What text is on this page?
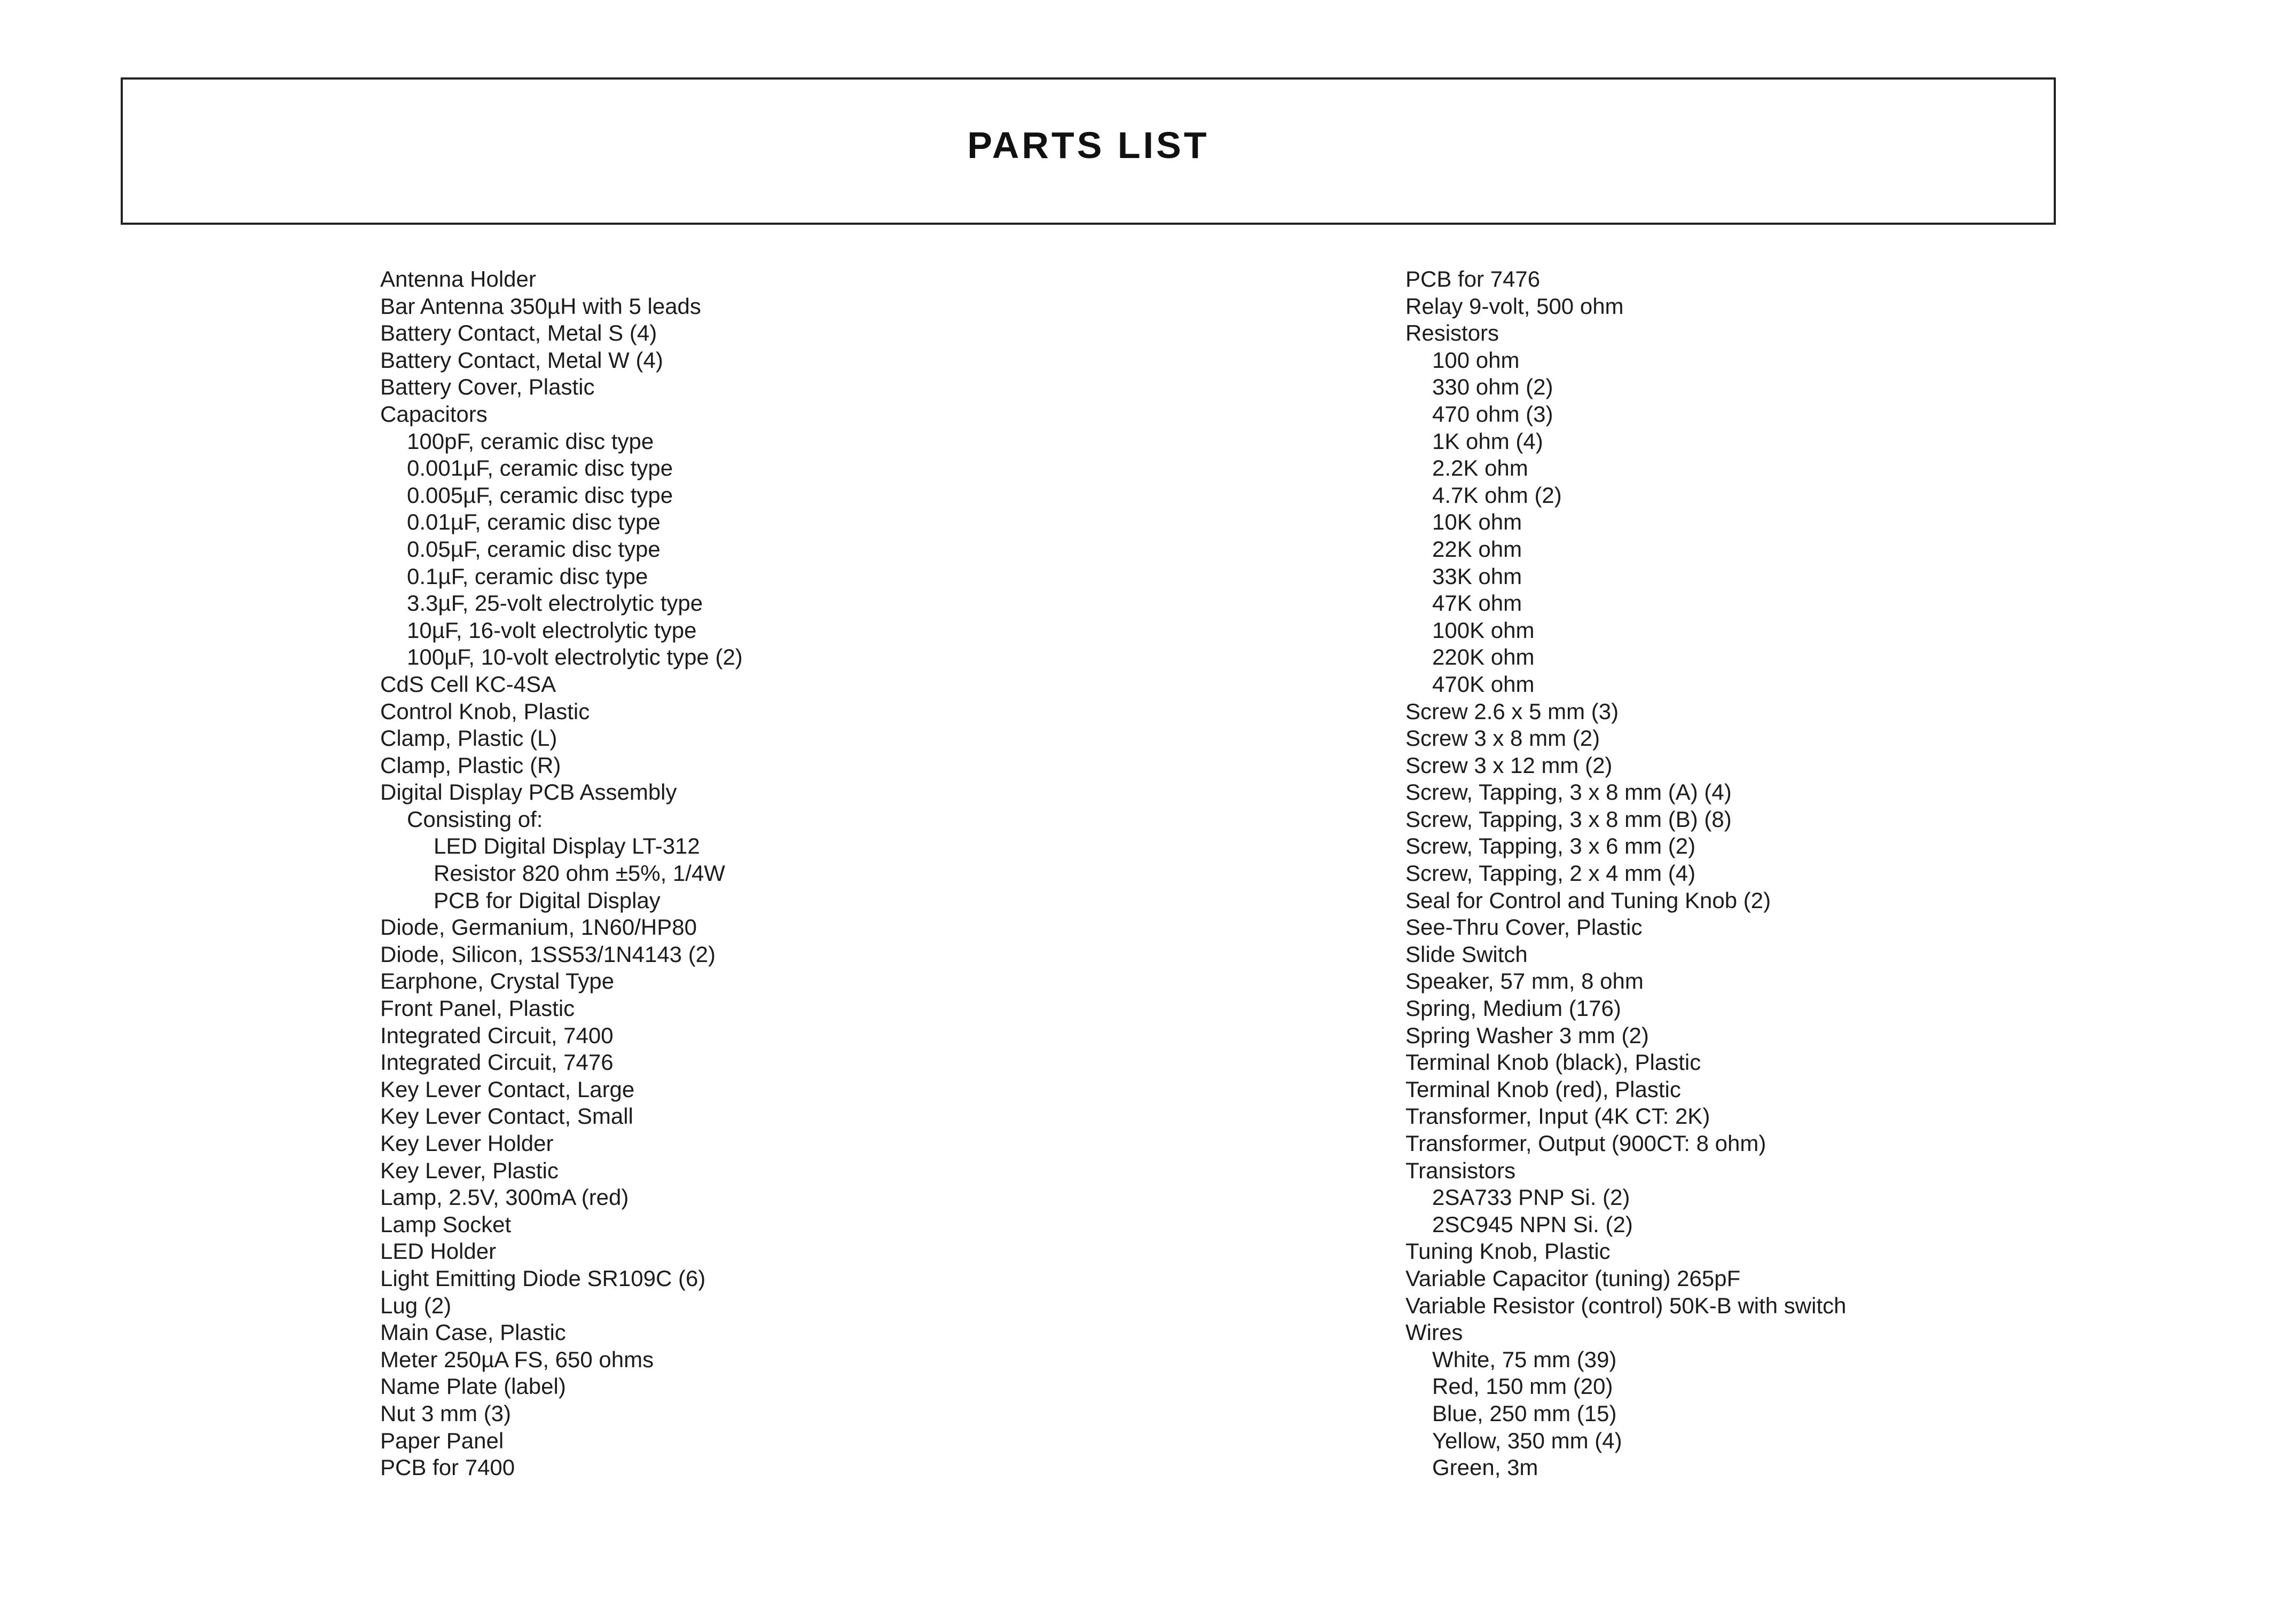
PARTS LIST
Antenna Holder
Bar Antenna 350µH with 5 leads
Battery Contact, Metal S (4)
Battery Contact, Metal W (4)
Battery Cover, Plastic
Capacitors
100pF, ceramic disc type
0.001µF, ceramic disc type
0.005µF, ceramic disc type
0.01µF, ceramic disc type
0.05µF, ceramic disc type
0.1µF, ceramic disc type
3.3µF, 25-volt electrolytic type
10µF, 16-volt electrolytic type
100µF, 10-volt electrolytic type (2)
CdS Cell KC-4SA
Control Knob, Plastic
Clamp, Plastic (L)
Clamp, Plastic (R)
Digital Display PCB Assembly
Consisting of:
LED Digital Display LT-312
Resistor 820 ohm ±5%, 1/4W
PCB for Digital Display
Diode, Germanium, 1N60/HP80
Diode, Silicon, 1SS53/1N4143 (2)
Earphone, Crystal Type
Front Panel, Plastic
Integrated Circuit, 7400
Integrated Circuit, 7476
Key Lever Contact, Large
Key Lever Contact, Small
Key Lever Holder
Key Lever, Plastic
Lamp, 2.5V, 300mA (red)
Lamp Socket
LED Holder
Light Emitting Diode SR109C (6)
Lug (2)
Main Case, Plastic
Meter 250µA FS, 650 ohms
Name Plate (label)
Nut 3 mm (3)
Paper Panel
PCB for 7400
PCB for 7476
Relay 9-volt, 500 ohm
Resistors
100 ohm
330 ohm (2)
470 ohm (3)
1K ohm (4)
2.2K ohm
4.7K ohm (2)
10K ohm
22K ohm
33K ohm
47K ohm
100K ohm
220K ohm
470K ohm
Screw 2.6 x 5 mm (3)
Screw 3 x 8 mm (2)
Screw 3 x 12 mm (2)
Screw, Tapping, 3 x 8 mm (A) (4)
Screw, Tapping, 3 x 8 mm (B) (8)
Screw, Tapping, 3 x 6 mm (2)
Screw, Tapping, 2 x 4 mm (4)
Seal for Control and Tuning Knob (2)
See-Thru Cover, Plastic
Slide Switch
Speaker, 57 mm, 8 ohm
Spring, Medium (176)
Spring Washer 3 mm (2)
Terminal Knob (black), Plastic
Terminal Knob (red), Plastic
Transformer, Input (4K CT: 2K)
Transformer, Output (900CT: 8 ohm)
Transistors
2SA733 PNP Si. (2)
2SC945 NPN Si. (2)
Tuning Knob, Plastic
Variable Capacitor (tuning) 265pF
Variable Resistor (control) 50K-B with switch
Wires
White, 75 mm (39)
Red, 150 mm (20)
Blue, 250 mm (15)
Yellow, 350 mm (4)
Green, 3m
